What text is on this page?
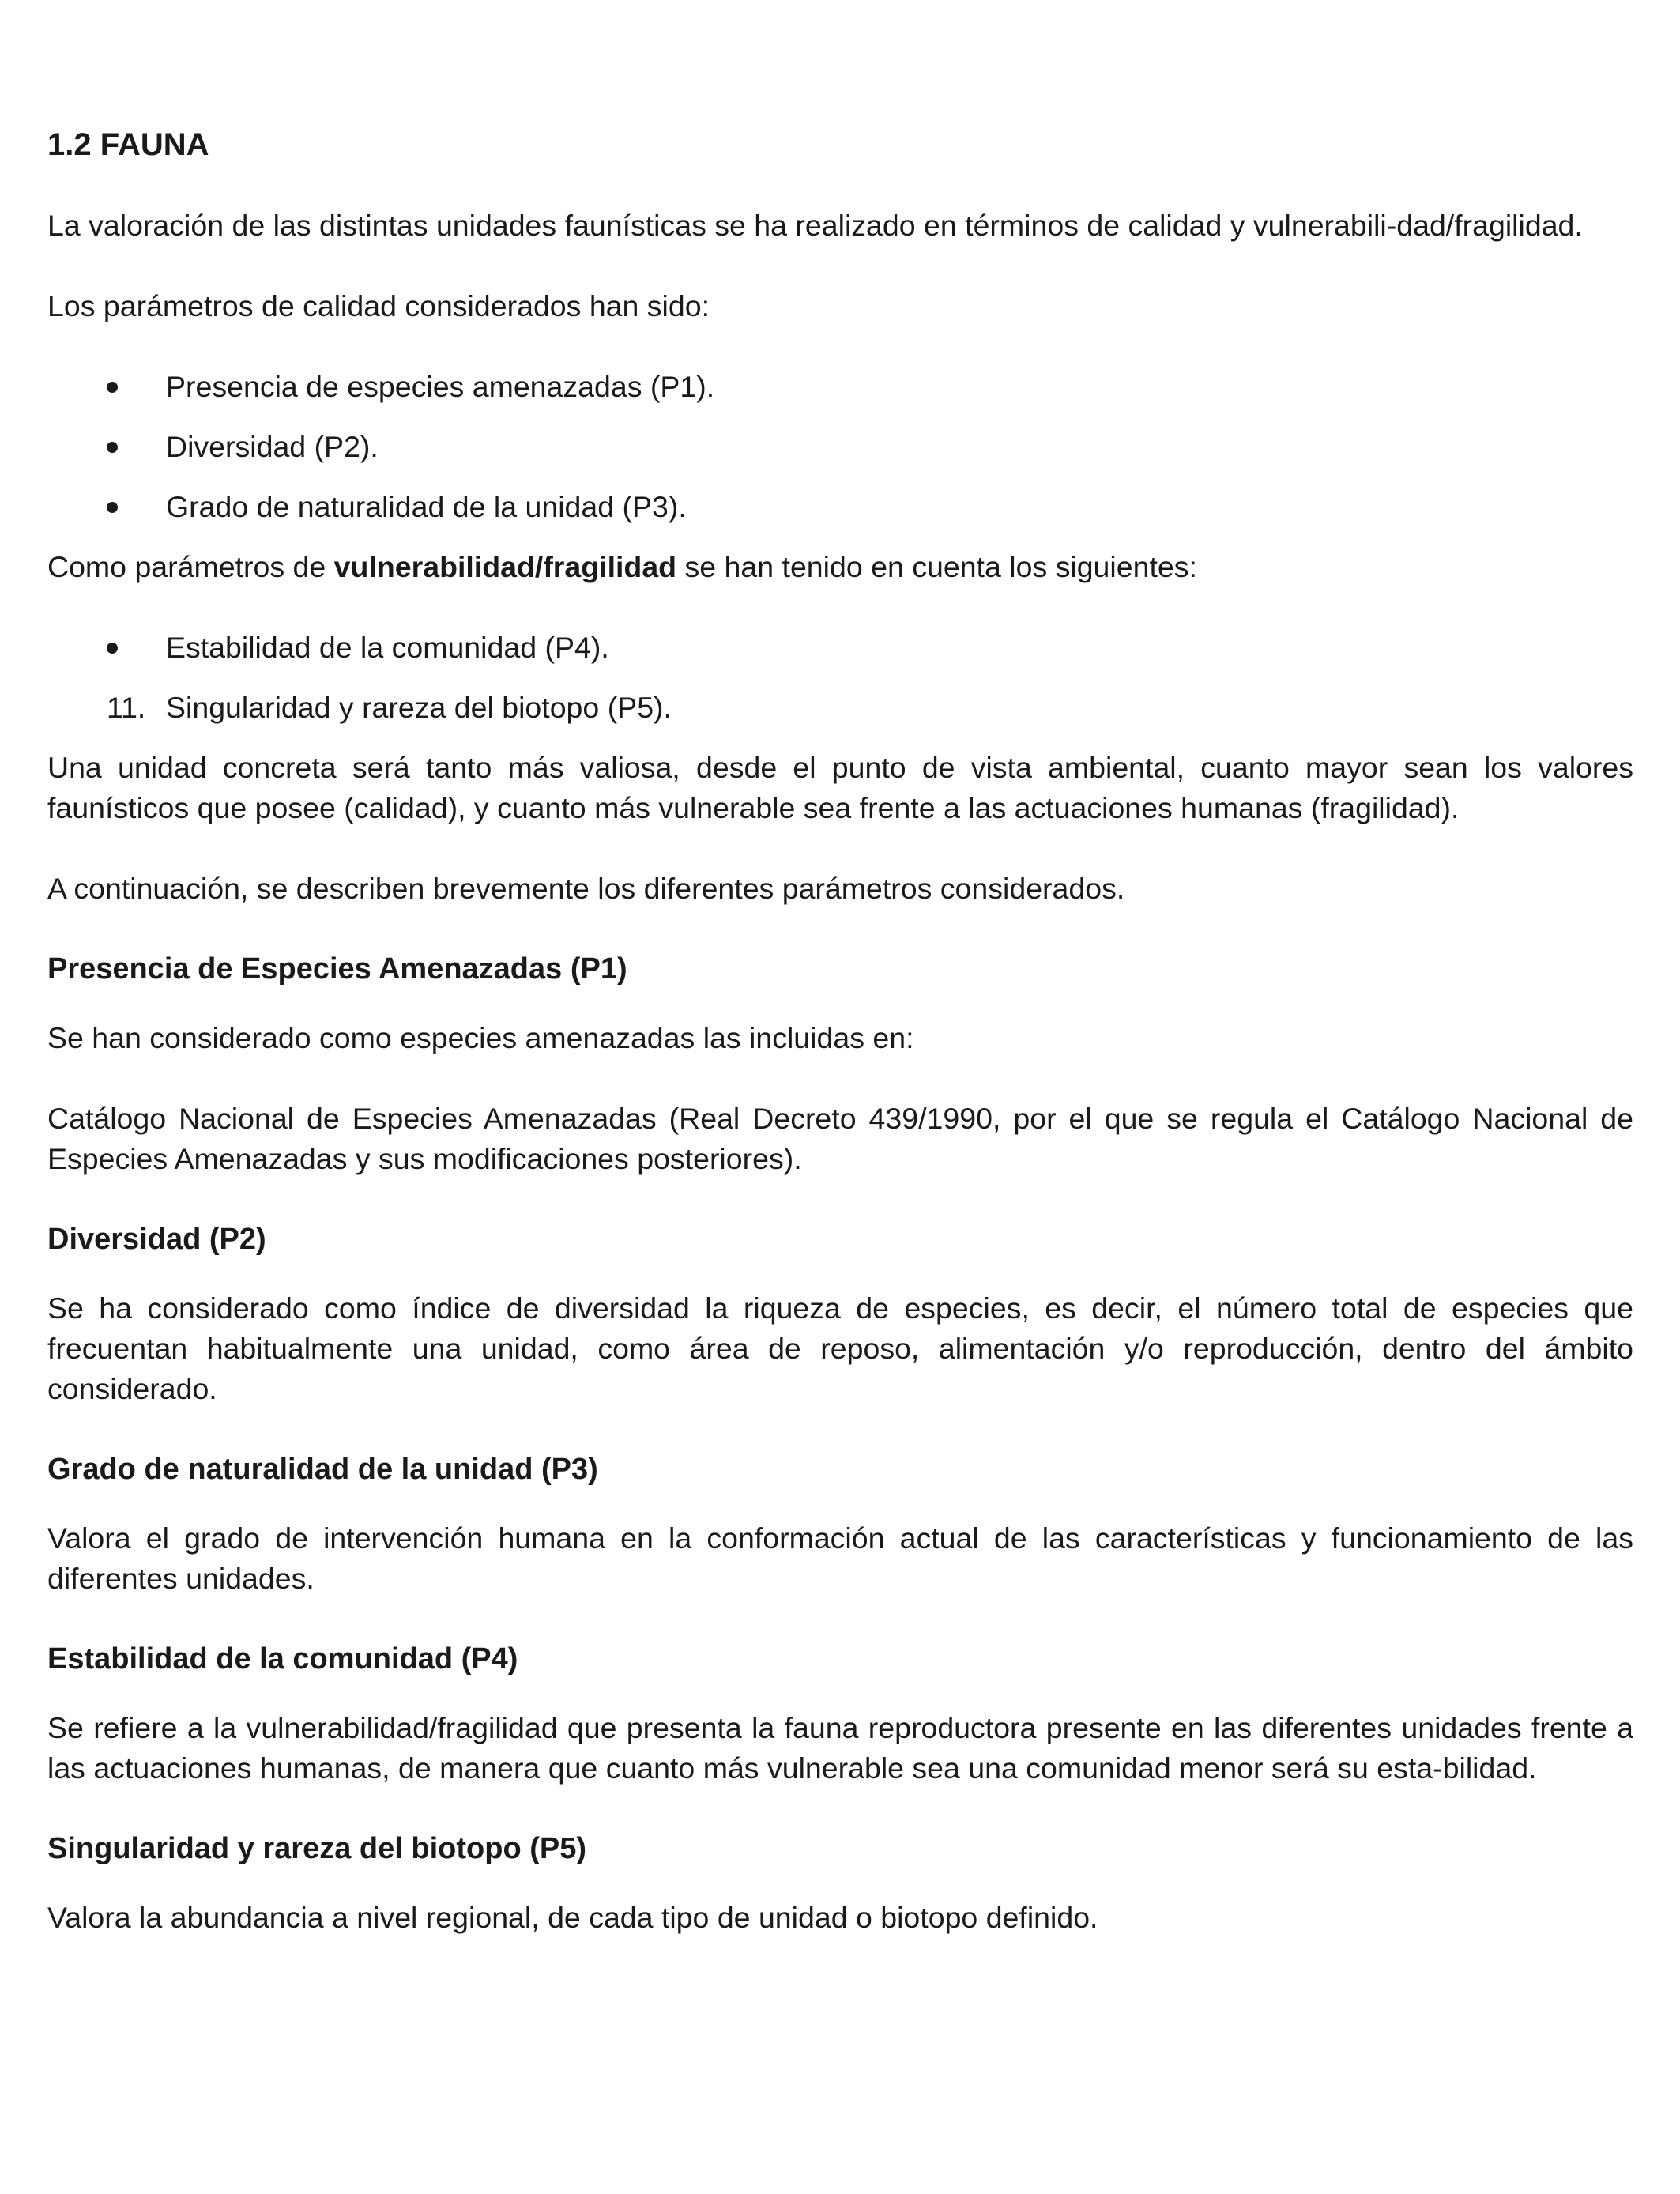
1.2 FAUNA

La valoración de las distintas unidades faunísticas se ha realizado en términos de calidad y vulnerabili-dad/fragilidad.

Los parámetros de calidad considerados han sido:

Presencia de especies amenazadas (P1).

Diversidad (P2).

Grado de naturalidad de la unidad (P3).

Como parámetros de vulnerabilidad/fragilidad se han tenido en cuenta los siguientes:

Estabilidad de la comunidad (P4).

11. Singularidad y rareza del biotopo (P5).

Una unidad concreta será tanto más valiosa, desde el punto de vista ambiental, cuanto mayor sean los valores faunísticos que posee (calidad), y cuanto más vulnerable sea frente a las actuaciones humanas (fragilidad).

A continuación, se describen brevemente los diferentes parámetros considerados.

Presencia de Especies Amenazadas (P1)

Se han considerado como especies amenazadas las incluidas en:

Catálogo Nacional de Especies Amenazadas (Real Decreto 439/1990, por el que se regula el Catálogo Nacional de Especies Amenazadas y sus modificaciones posteriores).

Diversidad (P2)

Se ha considerado como índice de diversidad la riqueza de especies, es decir, el número total de especies que frecuentan habitualmente una unidad, como área de reposo, alimentación y/o reproducción, dentro del ámbito considerado.

Grado de naturalidad de la unidad (P3)

Valora el grado de intervención humana en la conformación actual de las características y funcionamiento de las diferentes unidades.

Estabilidad de la comunidad (P4)

Se refiere a la vulnerabilidad/fragilidad que presenta la fauna reproductora presente en las diferentes unidades frente a las actuaciones humanas, de manera que cuanto más vulnerable sea una comunidad menor será su esta-bilidad.

Singularidad y rareza del biotopo (P5)

Valora la abundancia a nivel regional, de cada tipo de unidad o biotopo definido.
